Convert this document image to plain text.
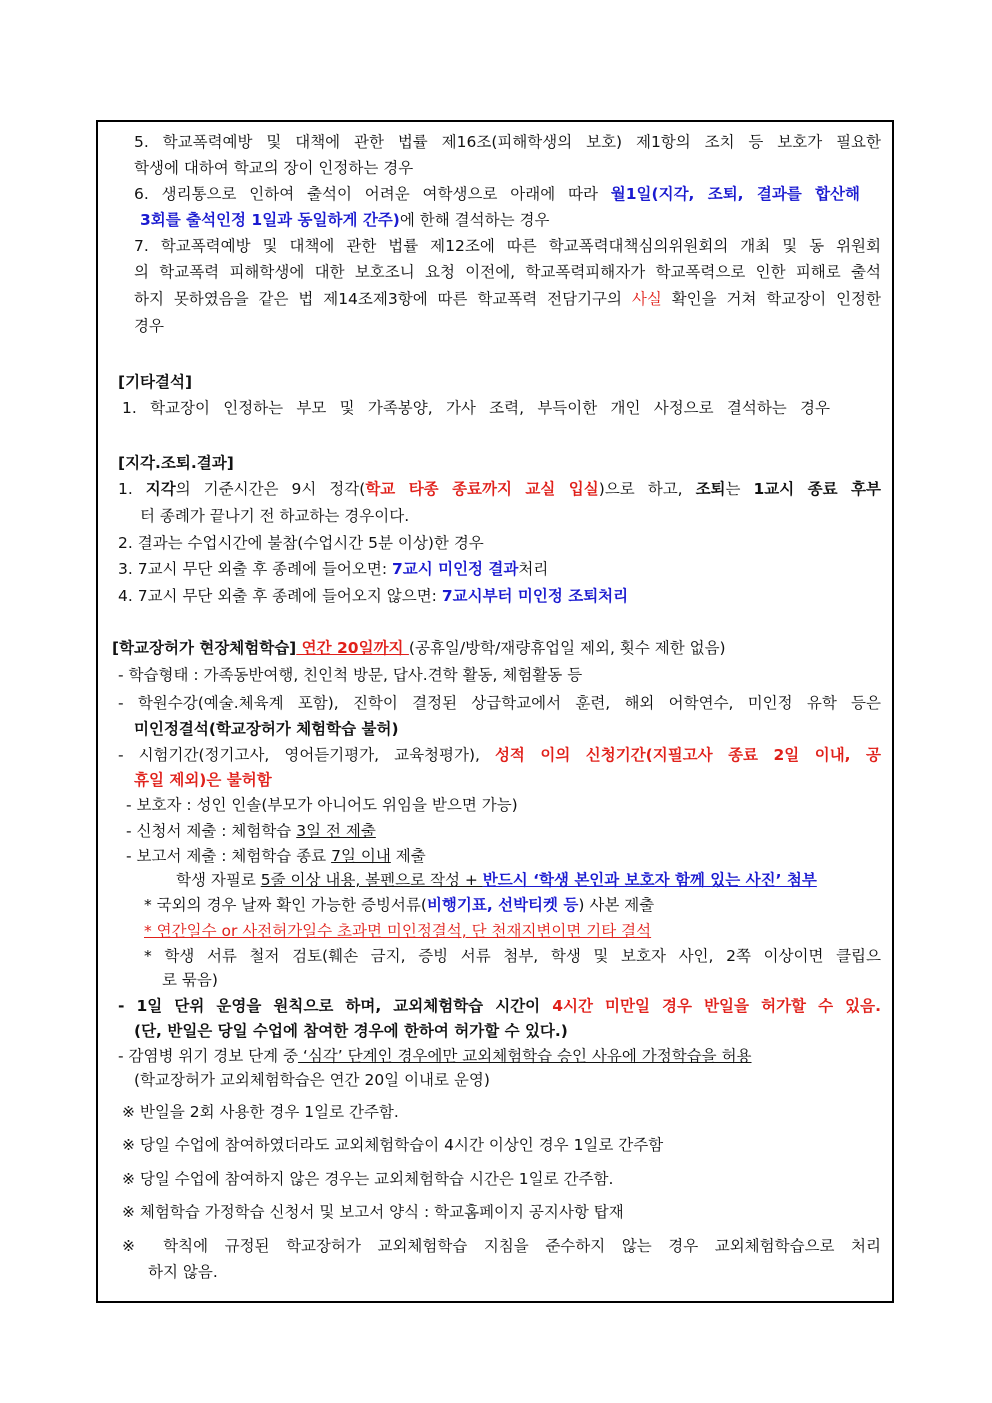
5. 학교폭력예방 및 대책에 관한 법률 제16조(피해학생의 보호) 제1항의 조치 등 보호가 필요한
학생에 대하여 학교의 장이 인정하는 경우
6. 생리통으로 인하여 출석이 어려운 여학생으로 아래에 따라 월1일(지각, 조퇴, 결과를 합산해
3회를 출석인정 1일과 동일하게 간주)에 한해 결석하는 경우
7. 학교폭력예방 및 대책에 관한 법률 제12조에 따른 학교폭력대책심의위원회의 개최 및 동 위원회
의 학교폭력 피해학생에 대한 보호조니 요청 이전에, 학교폭력피해자가 학교폭력으로 인한 피해로 출석
하지 못하였음을 같은 법 제14조제3항에 따른 학교폭력 전담기구의 사실 확인을 거쳐 학교장이 인정한
경우
[기타결석]
1. 학교장이 인정하는 부모 및 가족봉양, 가사 조력, 부득이한 개인 사정으로 결석하는 경우
[지각.조퇴.결과]
1. 지각의 기준시간은 9시 정각(학교 타종 종료까지 교실 입실)으로 하고, 조퇴는 1교시 종료 후부
터 종례가 끝나기 전 하교하는 경우이다.
2. 결과는 수업시간에 불참(수업시간 5분 이상)한 경우
3. 7교시 무단 외출 후 종례에 들어오면: 7교시 미인정 결과처리
4. 7교시 무단 외출 후 종례에 들어오지 않으면: 7교시부터 미인정 조퇴처리
[학교장허가 현장체험학습] 연간 20일까지 (공휴일/방학/재량휴업일 제외, 횟수 제한 없음)
- 학습형태 : 가족동반여행, 친인척 방문, 답사.견학 활동, 체험활동 등
- 학원수강(예술.체육계 포함), 진학이 결정된 상급학교에서 훈련, 해외 어학연수, 미인정 유학 등은
미인정결석(학교장허가 체험학습 불허)
- 시험기간(정기고사, 영어듣기평가, 교육청평가), 성적 이의 신청기간(지필고사 종료 2일 이내, 공
휴일 제외)은 불허함
- 보호자 : 성인 인솔(부모가 아니어도 위임을 받으면 가능)
- 신청서 제출 : 체험학습 3일 전 제출
- 보고서 제출 : 체험학습 종료 7일 이내 제출
학생 자필로 5줄 이상 내용, 볼펜으로 작성 + 반드시 ‘학생 본인과 보호자 함께 있는 사진’ 첨부
* 국외의 경우 날짜 확인 가능한 증빙서류(비행기표, 선박티켓 등) 사본 제출
* 연간일수 or 사전허가일수 초과면 미인정결석, 단 천재지변이면 기타 결석
* 학생 서류 철저 검토(훼손 금지, 증빙 서류 첨부, 학생 및 보호자 사인, 2쪽 이상이면 클립으
로 묶음)
- 1일 단위 운영을 원칙으로 하며, 교외체험학습 시간이 4시간 미만일 경우 반일을 허가할 수 있음.
(단, 반일은 당일 수업에 참여한 경우에 한하여 허가할 수 있다.)
- 감염병 위기 경보 단계 중 ‘심각’ 단계인 경우에만 교외체험학습 승인 사유에 가정학습을 허용
(학교장허가 교외체험학습은 연간 20일 이내로 운영)
※ 반일을 2회 사용한 경우 1일로 간주함.
※ 당일 수업에 참여하였더라도 교외체험학습이 4시간 이상인 경우 1일로 간주함
※ 당일 수업에 참여하지 않은 경우는 교외체험학습 시간은 1일로 간주함.
※ 체험학습 가정학습 신청서 및 보고서 양식 : 학교홈페이지 공지사항 탑재
※ 학칙에 규정된 학교장허가 교외체험학습 지침을 준수하지 않는 경우 교외체험학습으로 처리
하지 않음.
